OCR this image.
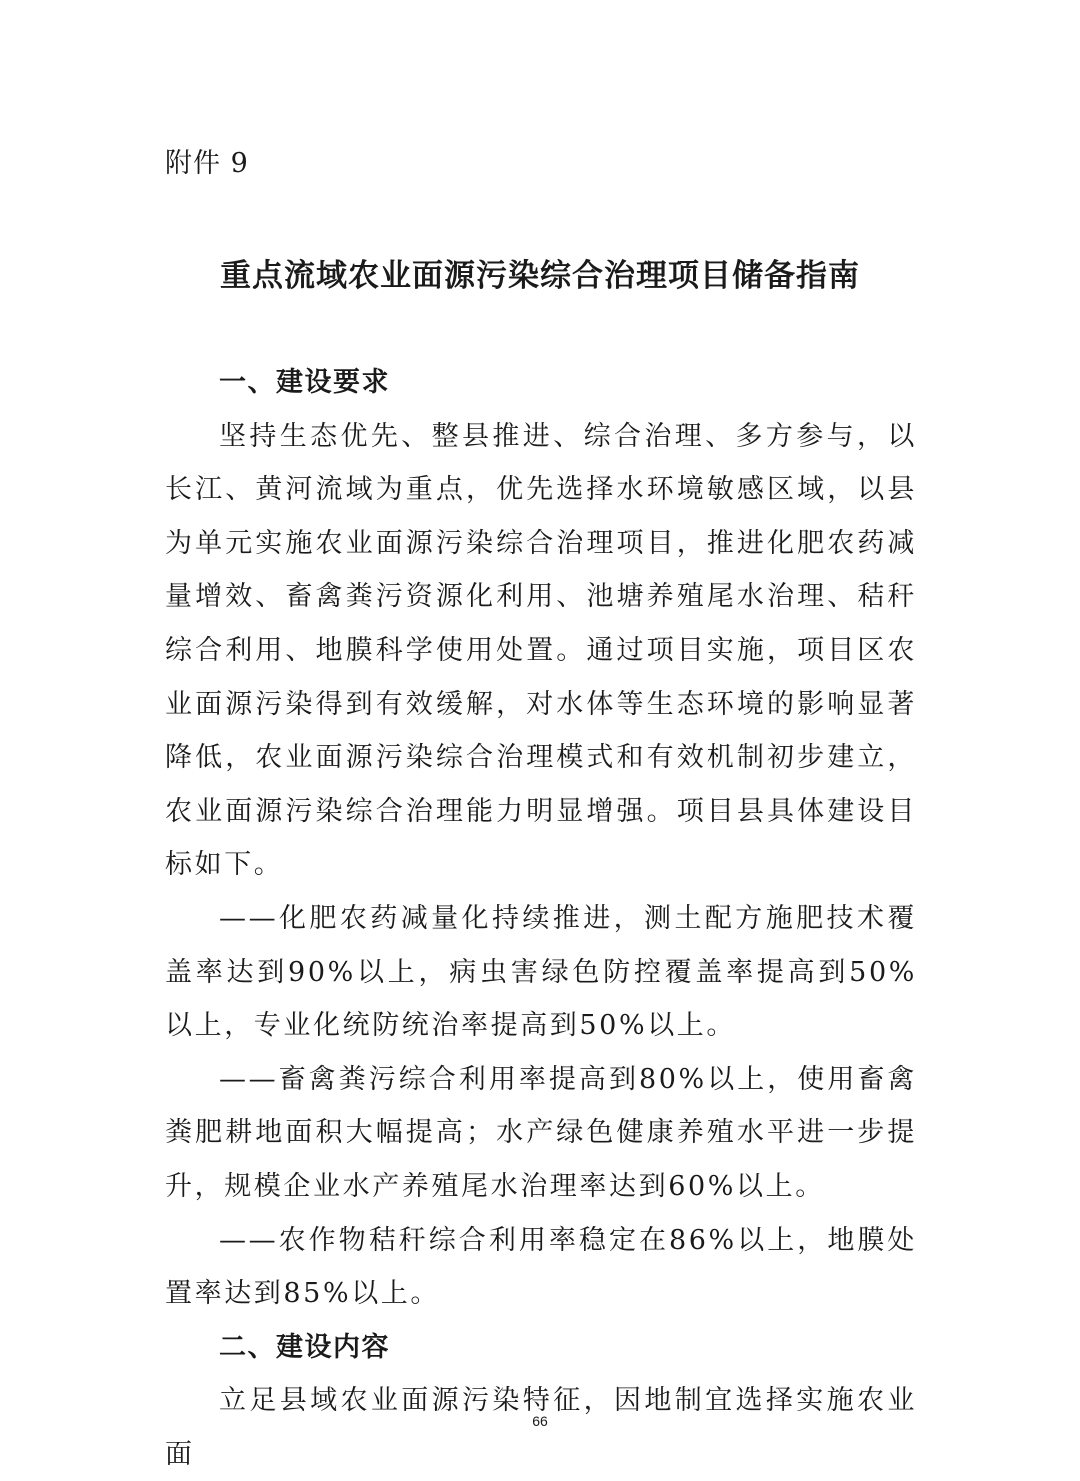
附件 9
重点流域农业面源污染综合治理项目储备指南

一、建设要求

坚持生态优先、整县推进、综合治理、多方参与，以长江、黄河流域为重点，优先选择水环境敏感区域，以县为单元实施农业面源污染综合治理项目，推进化肥农药减量增效、畜禽粪污资源化利用、池塘养殖尾水治理、秸秆综合利用、地膜科学使用处置。通过项目实施，项目区农业面源污染得到有效缓解，对水体等生态环境的影响显著降低，农业面源污染综合治理模式和有效机制初步建立，农业面源污染综合治理能力明显增强。项目县具体建设目标如下。

——化肥农药减量化持续推进，测土配方施肥技术覆盖率达到90%以上，病虫害绿色防控覆盖率提高到50%以上，专业化统防统治率提高到50%以上。

——畜禽粪污综合利用率提高到80%以上，使用畜禽粪肥耕地面积大幅提高；水产绿色健康养殖水平进一步提升，规模企业水产养殖尾水治理率达到60%以上。

——农作物秸秆综合利用率稳定在86%以上，地膜处置率达到85%以上。

二、建设内容

立足县域农业面源污染特征，因地制宜选择实施农业面

66
